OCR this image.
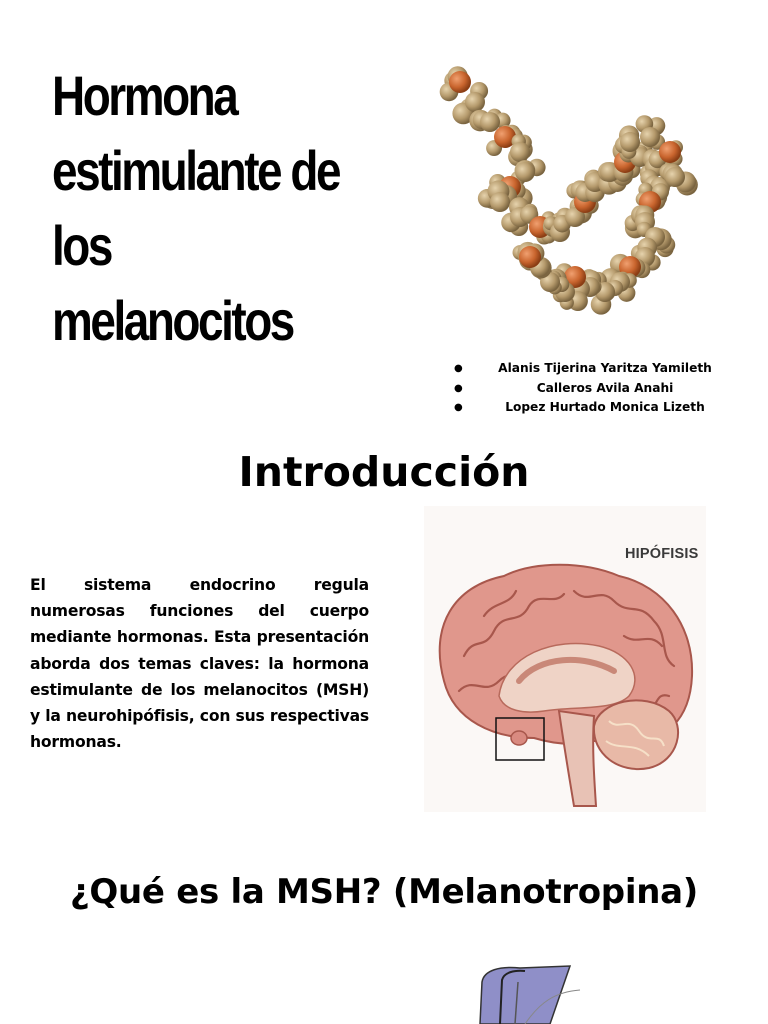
Hormona
estimulante de
los
melanocitos
●	Alanis Tijerina Yaritza Yamileth
●	Calleros Avila Anahi
●	Lopez Hurtado Monica Lizeth
Introducción

El sistema endocrino regula numerosas funciones del cuerpo mediante hormonas. Esta presentación aborda dos temas claves: la hormona estimulante de los melanocitos (MSH) y la neurohipófisis, con sus respectivas hormonas.

HIPÓFISIS
¿Qué es la MSH? (Melanotropina)
